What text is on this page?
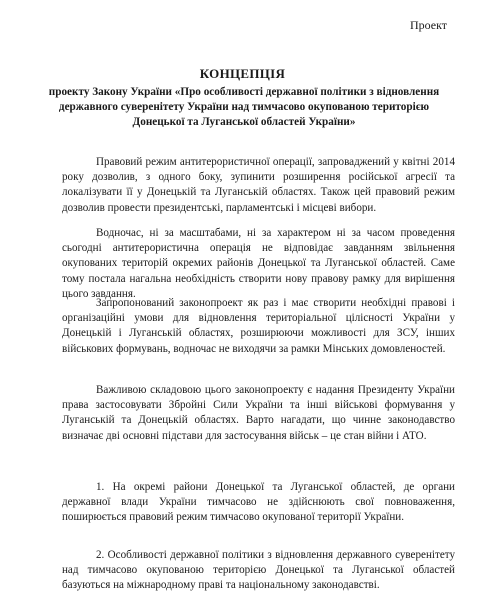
Проект
КОНЦЕПЦІЯ
проекту Закону України «Про особливості державної політики з відновлення державного суверенітету України над тимчасово окупованою територією Донецької та Луганської областей України»

Правовий режим антитерористичної операції, запроваджений у квітні 2014 року дозволив, з одного боку, зупинити розширення російської агресії та локалізувати її у Донецькій та Луганській областях. Також цей правовий режим дозволив провести президентські, парламентські і місцеві вибори.

Водночас, ні за масштабами, ні за характером ні за часом проведення сьогодні антитерористична операція не відповідає завданням звільнення окупованих територій окремих районів Донецької та Луганської областей. Саме тому постала нагальна необхідність створити нову правову рамку для вирішення цього завдання.

Запропонований законопроект як раз і має створити необхідні правові і організаційні умови для відновлення територіальної цілісності України у Донецькій і Луганській областях, розширюючи можливості для ЗСУ, інших військових формувань, водночас не виходячи за рамки Мінських домовленостей.

Важливою складовою цього законопроекту є надання Президенту України права застосовувати Збройні Сили України та інші військові формування у Луганській та Донецькій областях. Варто нагадати, що чинне законодавство визначає дві основні підстави для застосування військ – це стан війни і АТО.

1. На окремі райони Донецької та Луганської областей, де органи державної влади України тимчасово не здійснюють свої повноваження, поширюється правовий режим тимчасово окупованої території України.

2. Особливості державної політики з відновлення державного суверенітету над тимчасово окупованою територією Донецької та Луганської областей базуються на міжнародному праві та національному законодавстві.
